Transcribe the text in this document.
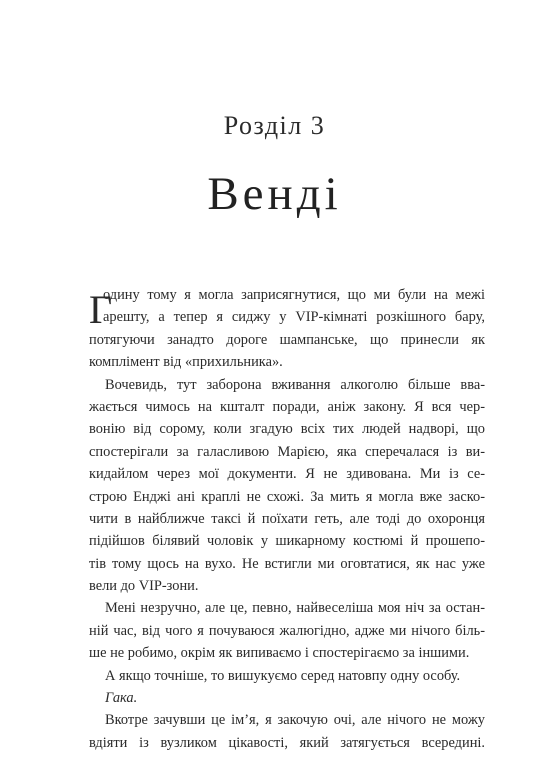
Розділ 3
Венді
Г
одину тому я могла заприсягнутися, що ми були на межі
арешту, а тепер я сиджу у VIP-кімнаті розкішного бару,
потягуючи занадто дороге шампанське, що принесли як
комплімент від «прихильника».
Вочевидь, тут заборона вживання алкоголю більше вва-
жається чимось на кшталт поради, аніж закону. Я вся чер-
вонію від сорому, коли згадую всіх тих людей надворі, що
спостерігали за галасливою Марією, яка сперечалася із ви-
кидайлом через мої документи. Я не здивована. Ми із се-
строю Енджі ані краплі не схожі. За мить я могла вже заско-
чити в найближче таксі й поїхати геть, але тоді до охоронця
підійшов білявий чоловік у шикарному костюмі й прошепо-
тів тому щось на вухо. Не встигли ми оговтатися, як нас уже
вели до VIP-зони.
Мені незручно, але це, певно, найвеселіша моя ніч за остан-
ній час, від чого я почуваюся жалюгідно, адже ми нічого біль-
ше не робимо, окрім як випиваємо і спостерігаємо за іншими.
А якщо точніше, то вишукуємо серед натовпу одну особу.
Гака.
Вкотре зачувши це ім’я, я закочую очі, але нічого не можу
вдіяти із вузликом цікавості, який затягується всередині.
